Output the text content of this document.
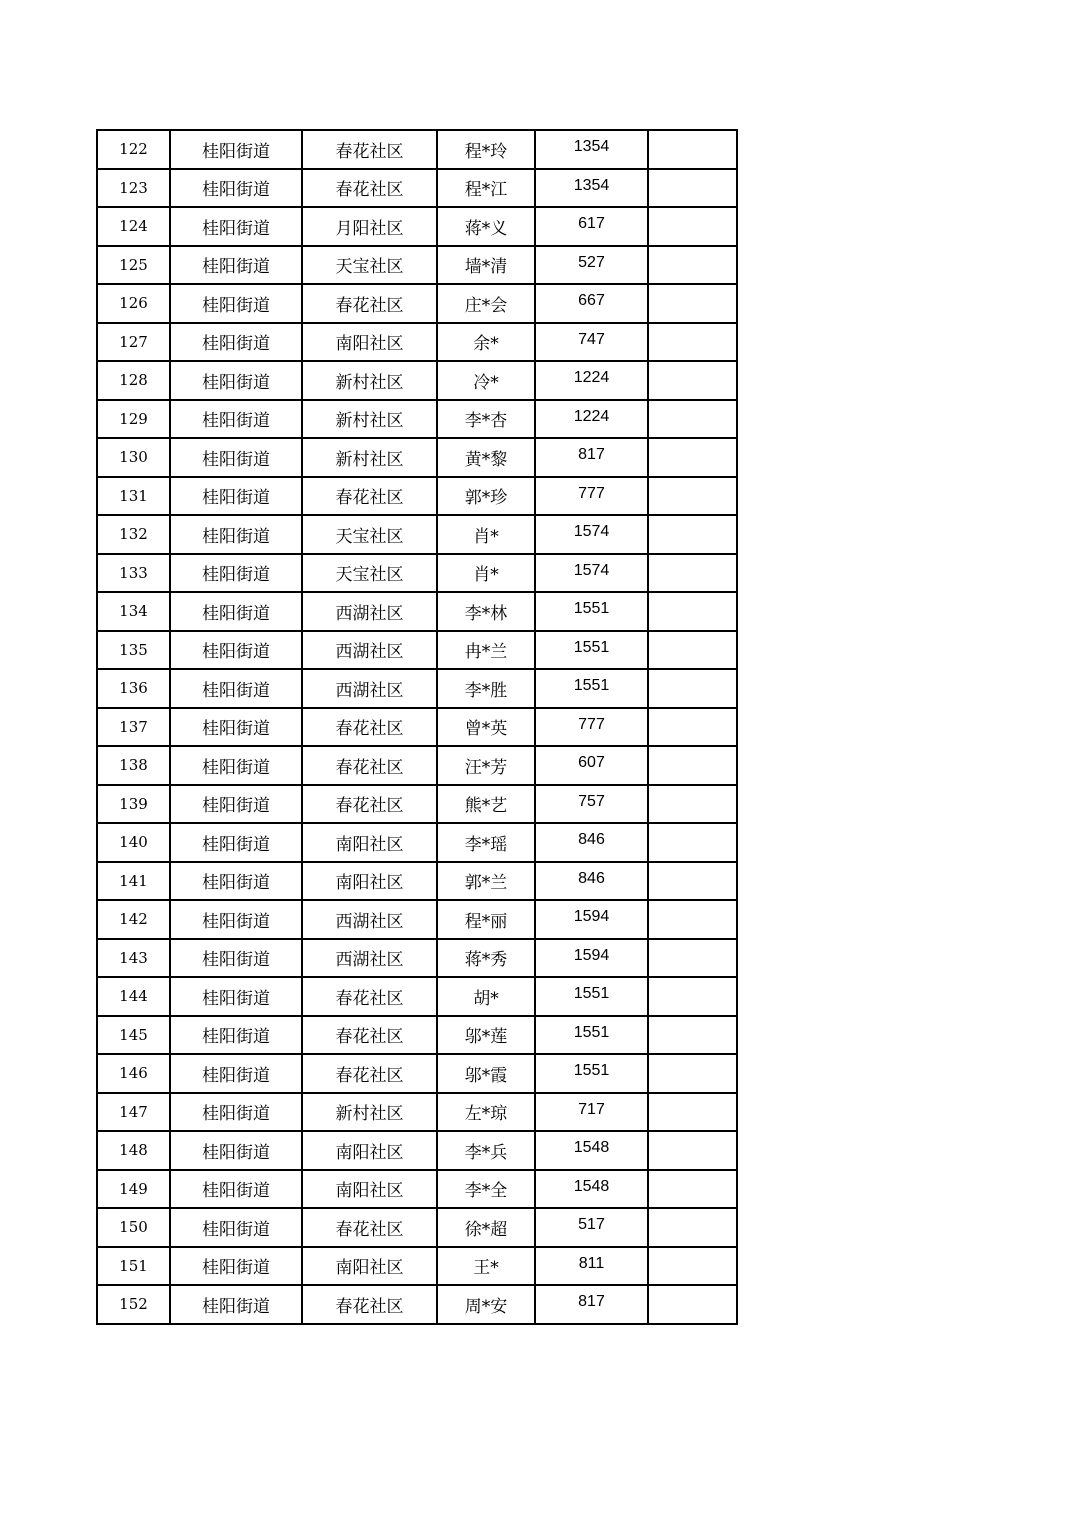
122	桂阳街道	春花社区	程*玲	1354	
123	桂阳街道	春花社区	程*江	1354	
124	桂阳街道	月阳社区	蒋*义	617	
125	桂阳街道	天宝社区	墙*清	527	
126	桂阳街道	春花社区	庄*会	667	
127	桂阳街道	南阳社区	余*	747	
128	桂阳街道	新村社区	冷*	1224	
129	桂阳街道	新村社区	李*杏	1224	
130	桂阳街道	新村社区	黄*黎	817	
131	桂阳街道	春花社区	郭*珍	777	
132	桂阳街道	天宝社区	肖*	1574	
133	桂阳街道	天宝社区	肖*	1574	
134	桂阳街道	西湖社区	李*林	1551	
135	桂阳街道	西湖社区	冉*兰	1551	
136	桂阳街道	西湖社区	李*胜	1551	
137	桂阳街道	春花社区	曾*英	777	
138	桂阳街道	春花社区	汪*芳	607	
139	桂阳街道	春花社区	熊*艺	757	
140	桂阳街道	南阳社区	李*瑶	846	
141	桂阳街道	南阳社区	郭*兰	846	
142	桂阳街道	西湖社区	程*丽	1594	
143	桂阳街道	西湖社区	蒋*秀	1594	
144	桂阳街道	春花社区	胡*	1551	
145	桂阳街道	春花社区	邬*莲	1551	
146	桂阳街道	春花社区	邬*霞	1551	
147	桂阳街道	新村社区	左*琼	717	
148	桂阳街道	南阳社区	李*兵	1548	
149	桂阳街道	南阳社区	李*全	1548	
150	桂阳街道	春花社区	徐*超	517	
151	桂阳街道	南阳社区	王*	811	
152	桂阳街道	春花社区	周*安	817	
